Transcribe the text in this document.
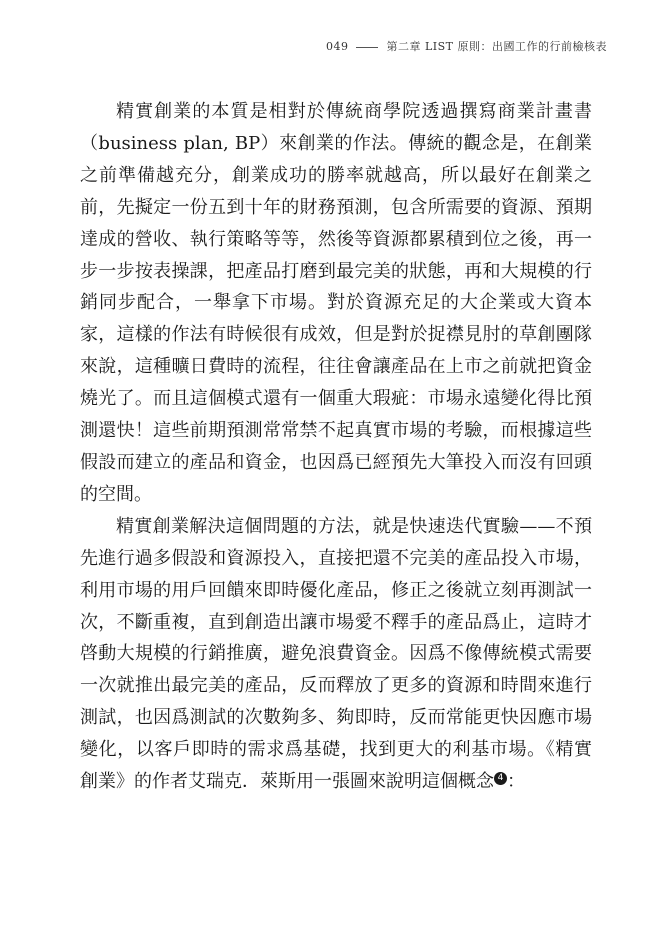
049	第二章 LIST 原則：出國工作的行前檢核表

精實創業的本質是相對於傳統商學院透過撰寫商業計畫書（business plan, BP）來創業的作法。傳統的觀念是，在創業之前準備越充分，創業成功的勝率就越高，所以最好在創業之前，先擬定一份五到十年的財務預測，包含所需要的資源、預期達成的營收、執行策略等等，然後等資源都累積到位之後，再一步一步按表操課，把產品打磨到最完美的狀態，再和大規模的行銷同步配合，一舉拿下市場。對於資源充足的大企業或大資本家，這樣的作法有時候很有成效，但是對於捉襟見肘的草創團隊來說，這種曠日費時的流程，往往會讓產品在上市之前就把資金燒光了。而且這個模式還有一個重大瑕疵：市場永遠變化得比預測還快！這些前期預測常常禁不起真實市場的考驗，而根據這些假設而建立的產品和資金，也因爲已經預先大筆投入而沒有回頭的空間。

精實創業解決這個問題的方法，就是快速迭代實驗——不預先進行過多假設和資源投入，直接把還不完美的產品投入市場，利用市場的用戶回饋來即時優化產品，修正之後就立刻再測試一次，不斷重複，直到創造出讓市場愛不釋手的產品爲止，這時才啓動大規模的行銷推廣，避免浪費資金。因爲不像傳統模式需要一次就推出最完美的產品，反而釋放了更多的資源和時間來進行測試，也因爲測試的次數夠多、夠即時，反而常能更快因應市場變化，以客戶即時的需求爲基礎，找到更大的利基市場。《精實創業》的作者艾瑞克．萊斯用一張圖來說明這個概念 4 ：
